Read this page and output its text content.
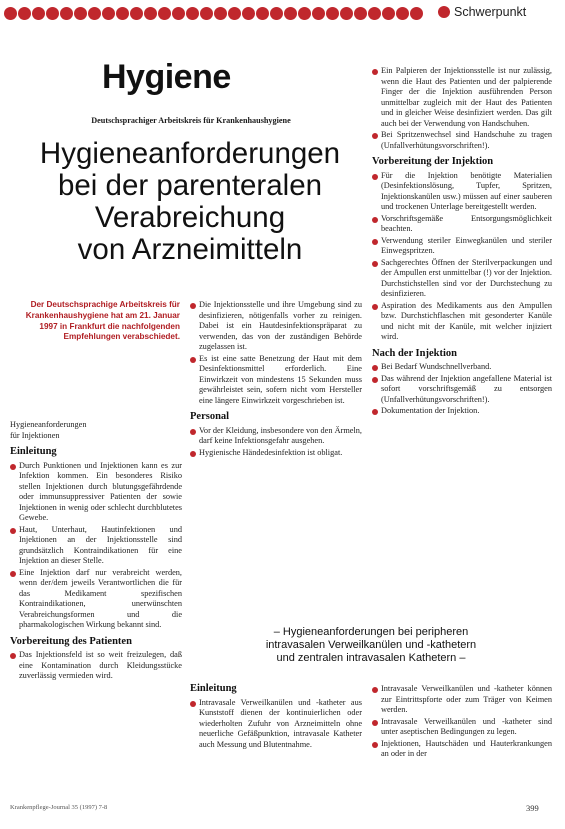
Schwerpunkt
Hygiene
Deutschsprachiger Arbeitskreis für Krankenhaushygiene
Hygieneanforderungen
bei der parenteralen
Verabreichung
von Arzneimitteln
Der Deutschsprachige Arbeitskreis für Krankenhaushygiene hat am 21. Januar 1997 in Frankfurt die nachfolgenden Empfehlungen verabschiedet.
Hygieneanforderungen
für Injektionen
Einleitung

Durch Punktionen und Injektionen kann es zur Infektion kommen. Ein besonderes Risiko stellen Injektionen durch blutungsgefährdende oder immunsuppressiver Patienten der sowie Injektionen in wenig oder schlecht durchblutetes Gewebe.

Haut, Unterhaut, Hautinfektionen und Injektionen an der Injektionsstelle sind grundsätzlich Kontraindikationen für eine Injektion an dieser Stelle.

Eine Injektion darf nur verabreicht werden, wenn der/dem jeweils Verantwortlichen die für das Medikament spezifischen Kontraindikationen, unerwünschten Verabreichungsformen und die pharmakologischen Wirkung bekannt sind.

Vorbereitung des Patienten

Das Injektionsfeld ist so weit freizulegen, daß eine Kontamination durch Kleidungsstücke zuverlässig vermieden wird.

Die Injektionsstelle und ihre Umgebung sind zu desinfizieren, nötigenfalls vorher zu reinigen. Dabei ist ein Hautdesinfektionspräparat zu verwenden, das von der zuständigen Behörde zugelassen ist.

Es ist eine satte Benetzung der Haut mit dem Desinfektionsmittel erforderlich. Eine Einwirkzeit von mindestens 15 Sekunden muss gewährleistet sein, sofern nicht vom Hersteller eine längere Einwirkzeit vorgeschrieben ist.

Personal

Vor der Kleidung, insbesondere von den Ärmeln, darf keine Infektionsgefahr ausgehen.

Hygienische Händedesinfektion ist obligat.

Ein Palpieren der Injektionsstelle ist nur zulässig, wenn die Haut des Patienten und der palpierende Finger der die Injektion ausführenden Person unmittelbar zugleich mit der Haut des Patienten und in gleicher Weise desinfiziert werden. Das gilt auch bei der Verwendung von Handschuhen.

Bei Spritzenwechsel sind Handschuhe zu tragen (Unfallverhütungsvorschriften!).

Vorbereitung der Injektion

Für die Injektion benötigte Materialien (Desinfektionslösung, Tupfer, Spritzen, Injektionskanülen usw.) müssen auf einer sauberen und trockenen Unterlage bereitgestellt werden.

Vorschriftsgemäße Entsorgungsmöglichkeit beachten.

Verwendung steriler Einwegkanülen und steriler Einwegspritzen.

Sachgerechtes Öffnen der Sterilverpackungen und der Ampullen erst unmittelbar (!) vor der Injektion. Durchstichstellen sind vor der Durchstechung zu desinfizieren.

Aspiration des Medikaments aus den Ampullen bzw. Durchstichflaschen mit gesonderter Kanüle und nicht mit der Kanüle, mit welcher injiziert wird.

Nach der Injektion

Bei Bedarf Wundschnellverband.

Das während der Injektion angefallene Material ist sofort vorschriftsgemäß zu entsorgen (Unfallverhütungsvorschriften!).

Dokumentation der Injektion.

– Hygieneanforderungen bei peripheren
intravasalen Verweilkanülen und -kathetern
und zentralen intravasalen Kathetern –
Einleitung

Intravasale Verweilkanülen und -katheter aus Kunststoff dienen der kontinuierlichen oder wiederholten Zufuhr von Arzneimitteln ohne neuerliche Gefäßpunktion, intravasale Katheter auch Messung und Blutentnahme.

Intravasale Verweilkanülen und -katheter können zur Eintrittspforte oder zum Träger von Keimen werden.

Intravasale Verweilkanülen und -katheter sind unter aseptischen Bedingungen zu legen.

Injektionen, Hautschäden und Hauterkrankungen an oder in der

Krankenpflege-Journal 35 (1997) 7-8	399
